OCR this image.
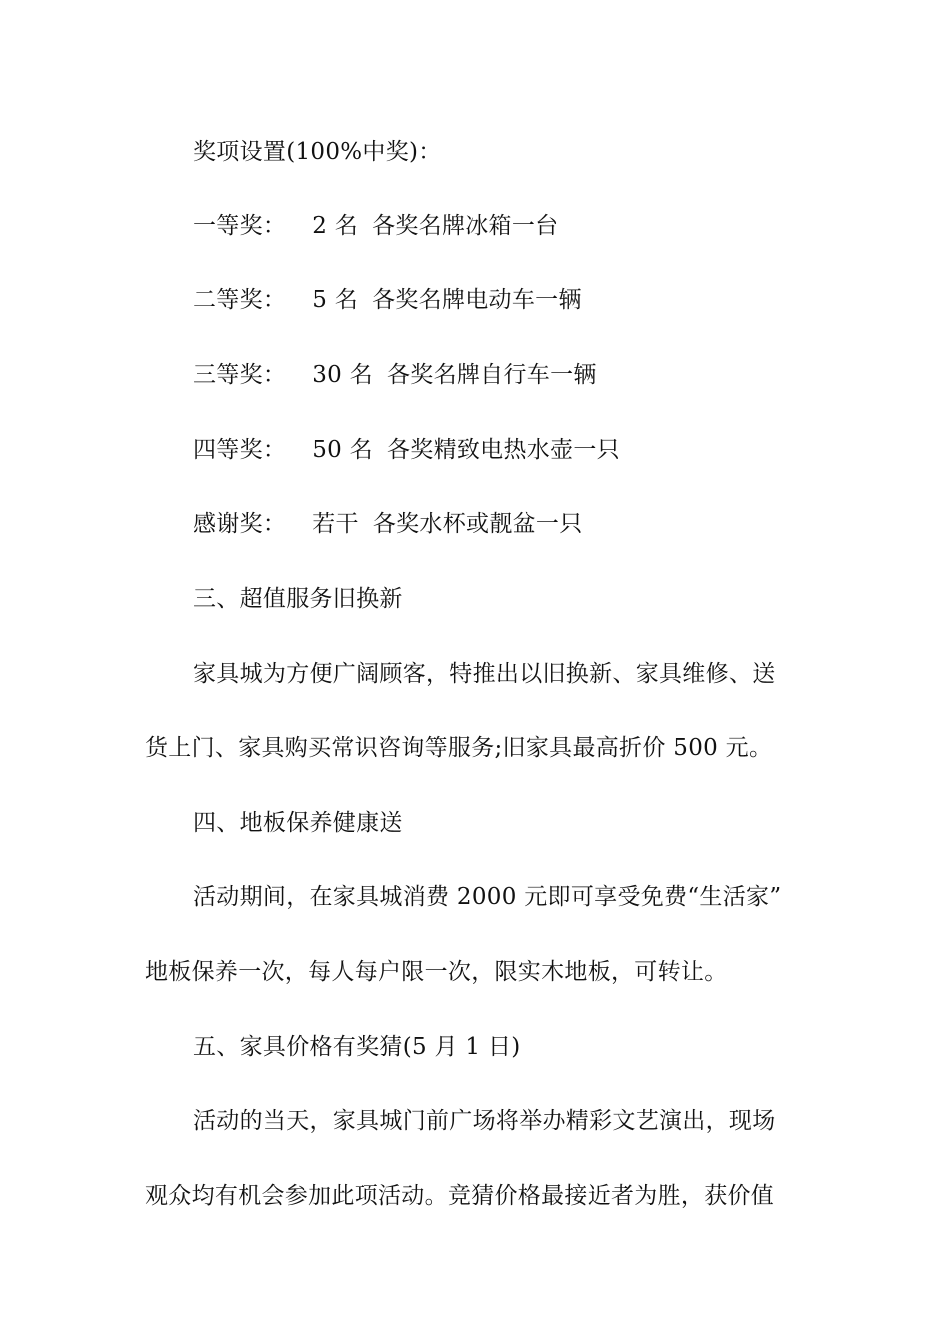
奖项设置(100%中奖)：
一等奖： 2 名 各奖名牌冰箱一台
二等奖： 5 名 各奖名牌电动车一辆
三等奖： 30 名 各奖名牌自行车一辆
四等奖： 50 名 各奖精致电热水壶一只
感谢奖： 若干 各奖水杯或靓盆一只
三、超值服务旧换新
家具城为方便广阔顾客，特推出以旧换新、家具维修、送
货上门、家具购买常识咨询等服务;旧家具最高折价 500 元。
四、地板保养健康送
活动期间，在家具城消费 2000 元即可享受免费“生活家”
地板保养一次，每人每户限一次，限实木地板，可转让。
五、家具价格有奖猜(5 月 1 日)
活动的当天，家具城门前广场将举办精彩文艺演出，现场
观众均有机会参加此项活动。竞猜价格最接近者为胜，获价值
